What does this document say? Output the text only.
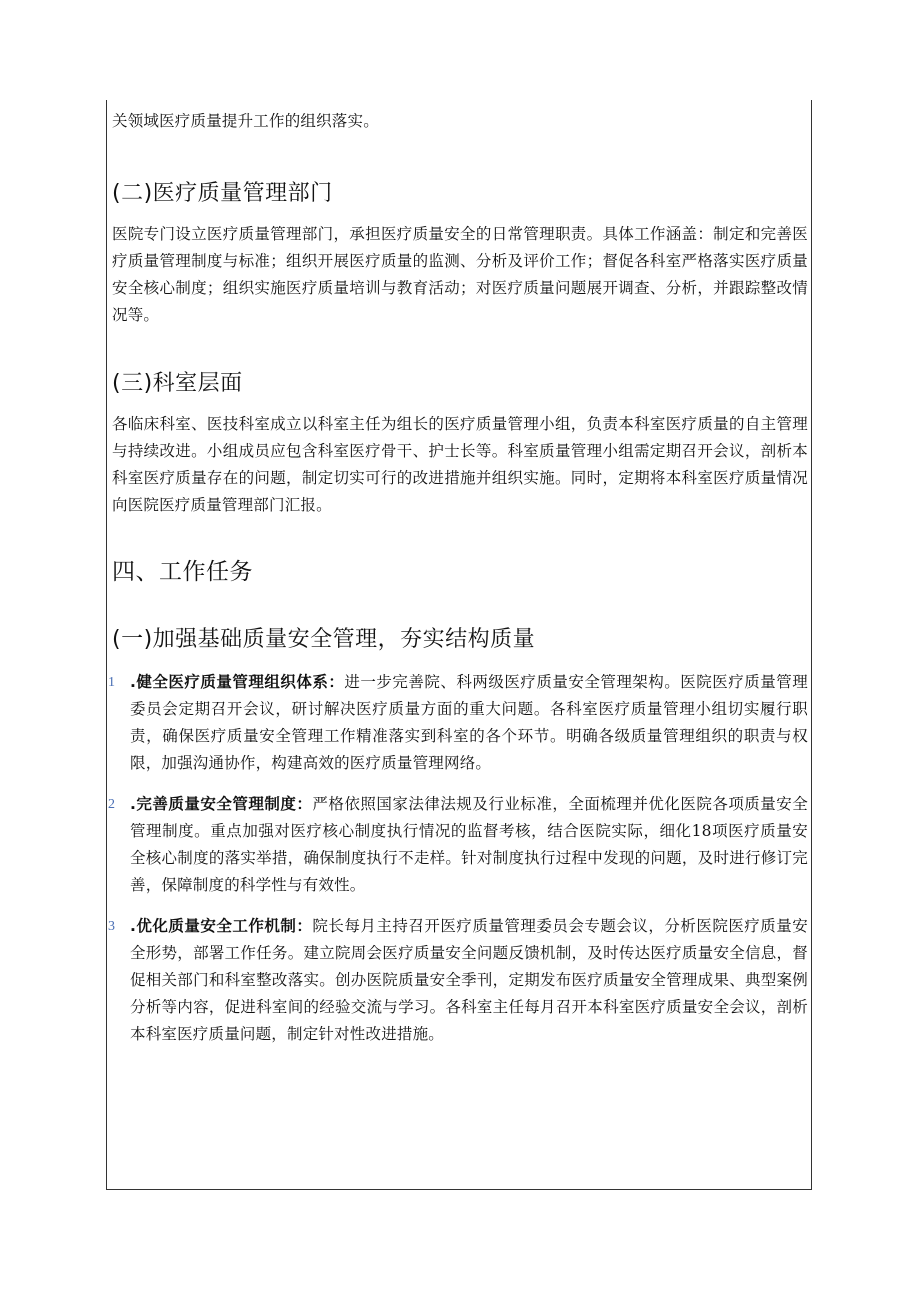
关领域医疗质量提升工作的组织落实。

(二)医疗质量管理部门

医院专门设立医疗质量管理部门，承担医疗质量安全的日常管理职责。具体工作涵盖：制定和完善医疗质量管理制度与标准；组织开展医疗质量的监测、分析及评价工作；督促各科室严格落实医疗质量安全核心制度；组织实施医疗质量培训与教育活动；对医疗质量问题展开调查、分析，并跟踪整改情况等。

(三)科室层面

各临床科室、医技科室成立以科室主任为组长的医疗质量管理小组，负责本科室医疗质量的自主管理与持续改进。小组成员应包含科室医疗骨干、护士长等。科室质量管理小组需定期召开会议，剖析本科室医疗质量存在的问题，制定切实可行的改进措施并组织实施。同时，定期将本科室医疗质量情况向医院医疗质量管理部门汇报。

四、工作任务
(一)加强基础质量安全管理，夯实结构质量
1 .健全医疗质量管理组织体系：进一步完善院、科两级医疗质量安全管理架构。医院医疗质量管理委员会定期召开会议，研讨解决医疗质量方面的重大问题。各科室医疗质量管理小组切实履行职责，确保医疗质量安全管理工作精准落实到科室的各个环节。明确各级质量管理组织的职责与权限，加强沟通协作，构建高效的医疗质量管理网络。

2 .完善质量安全管理制度：严格依照国家法律法规及行业标准，全面梳理并优化医院各项质量安全管理制度。重点加强对医疗核心制度执行情况的监督考核，结合医院实际，细化18项医疗质量安全核心制度的落实举措，确保制度执行不走样。针对制度执行过程中发现的问题，及时进行修订完善，保障制度的科学性与有效性。

3 .优化质量安全工作机制：院长每月主持召开医疗质量管理委员会专题会议，分析医院医疗质量安全形势，部署工作任务。建立院周会医疗质量安全问题反馈机制，及时传达医疗质量安全信息，督促相关部门和科室整改落实。创办医院质量安全季刊，定期发布医疗质量安全管理成果、典型案例分析等内容，促进科室间的经验交流与学习。各科室主任每月召开本科室医疗质量安全会议，剖析本科室医疗质量问题，制定针对性改进措施。
